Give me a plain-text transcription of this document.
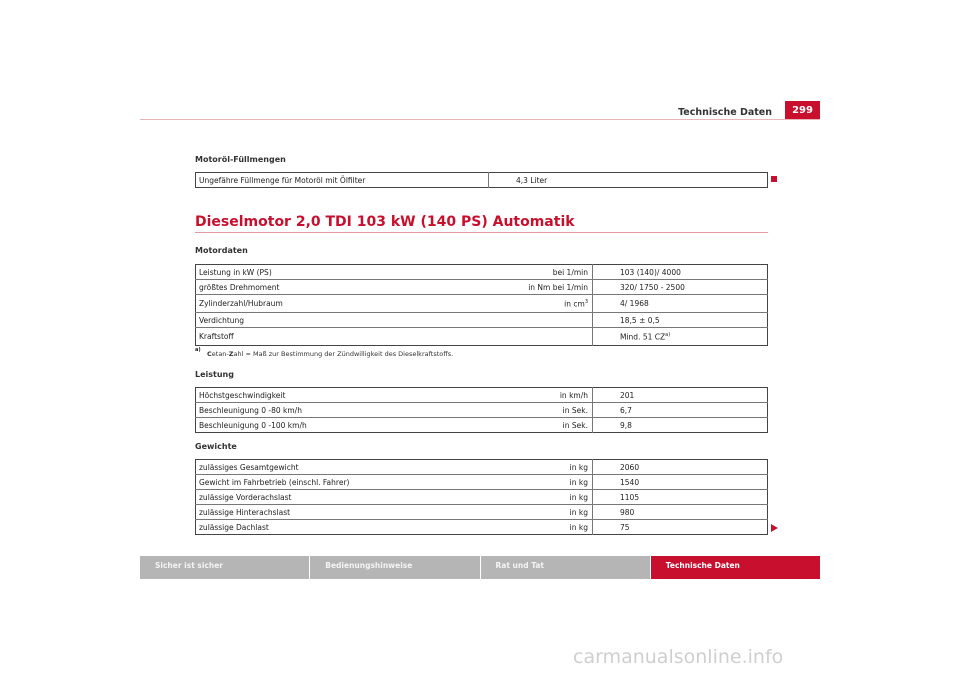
Technische Daten	299
Motoröl-Füllmengen
Ungefähre Füllmenge für Motoröl mit Ölfilter	4,3 Liter
Dieselmotor 2,0 TDI 103 kW (140 PS) Automatik
Motordaten
Leistung in kW (PS)	bei 1/min	103 (140)/ 4000
größtes Drehmoment	in Nm bei 1/min	320/ 1750 - 2500
Zylinderzahl/Hubraum	in $cm^3$	4/ 1968
Verdichtung		18,5 ± 0,5
Kraftstoff		Mind. 51 CZ$^{a)}$
a) Cetan-Zahl = Maß zur Bestimmung der Zündwilligkeit des Dieselkraftstoffs.
Leistung
Höchstgeschwindigkeit	in km/h	201
Beschleunigung 0 -80 km/h	in Sek.	6,7
Beschleunigung 0 -100 km/h	in Sek.	9,8
Gewichte
zulässiges Gesamtgewicht	in kg	2060
Gewicht im Fahrbetrieb (einschl. Fahrer)	in kg	1540
zulässige Vorderachslast	in kg	1105
zulässige Hinterachslast	in kg	980
zulässige Dachlast	in kg	75
Sicher ist sicher	Bedienungshinweise	Rat und Tat	Technische Daten
carmanualsonline.info
